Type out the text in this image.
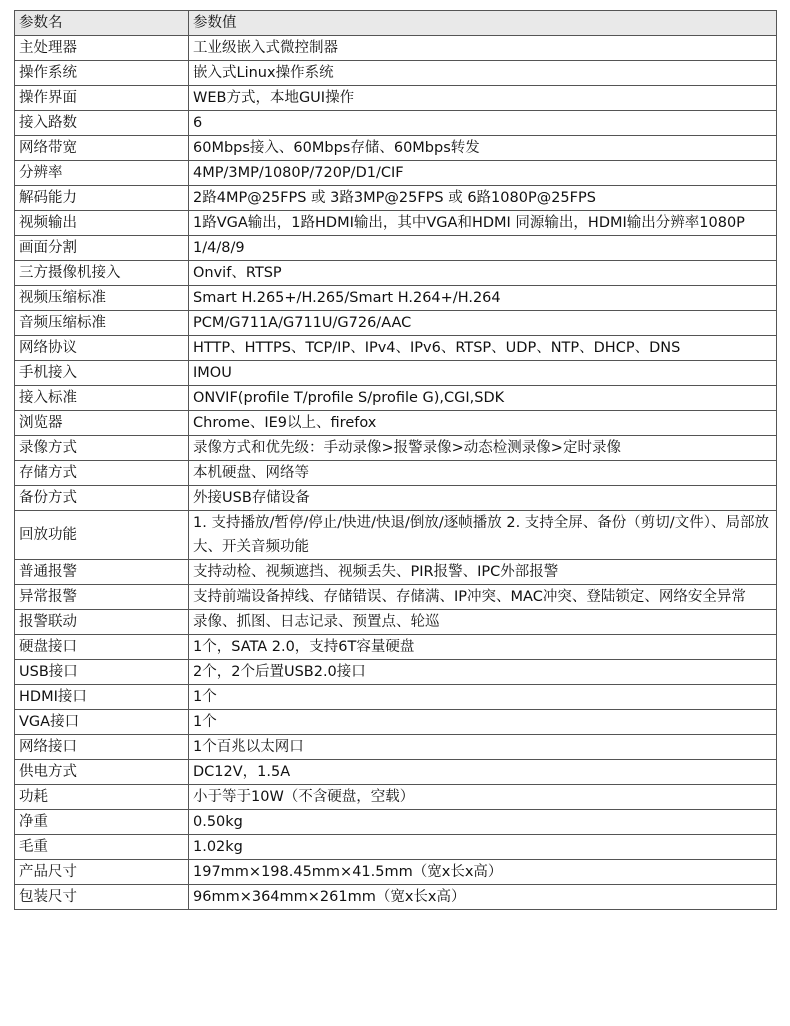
参数名	参数值
主处理器	工业级嵌入式微控制器
操作系统	嵌入式Linux操作系统
操作界面	WEB方式，本地GUI操作
接入路数	6
网络带宽	60Mbps接入、60Mbps存储、60Mbps转发
分辨率	4MP/3MP/1080P/720P/D1/CIF
解码能力	2路4MP@25FPS 或 3路3MP@25FPS 或 6路1080P@25FPS
视频输出	1路VGA输出，1路HDMI输出，其中VGA和HDMI 同源输出，HDMI输出分辨率1080P
画面分割	1/4/8/9
三方摄像机接入	Onvif、RTSP
视频压缩标准	Smart H.265+/H.265/Smart H.264+/H.264
音频压缩标准	PCM/G711A/G711U/G726/AAC
网络协议	HTTP、HTTPS、TCP/IP、IPv4、IPv6、RTSP、UDP、NTP、DHCP、DNS
手机接入	IMOU
接入标准	ONVIF(profile T/profile S/profile G),CGI,SDK
浏览器	Chrome、IE9以上、firefox
录像方式	录像方式和优先级：手动录像>报警录像>动态检测录像>定时录像
存储方式	本机硬盘、网络等
备份方式	外接USB存储设备
回放功能	1. 支持播放/暂停/停止/快进/快退/倒放/逐帧播放 2. 支持全屏、备份（剪切/文件）、局部放大、开关音频功能
普通报警	支持动检、视频遮挡、视频丢失、PIR报警、IPC外部报警
异常报警	支持前端设备掉线、存储错误、存储满、IP冲突、MAC冲突、登陆锁定、网络安全异常
报警联动	录像、抓图、日志记录、预置点、轮巡
硬盘接口	1个，SATA 2.0，支持6T容量硬盘
USB接口	2个，2个后置USB2.0接口
HDMI接口	1个
VGA接口	1个
网络接口	1个百兆以太网口
供电方式	DC12V，1.5A
功耗	小于等于10W（不含硬盘，空载）
净重	0.50kg
毛重	1.02kg
产品尺寸	197mm×198.45mm×41.5mm（宽x长x高）
包装尺寸	96mm×364mm×261mm（宽x长x高）
